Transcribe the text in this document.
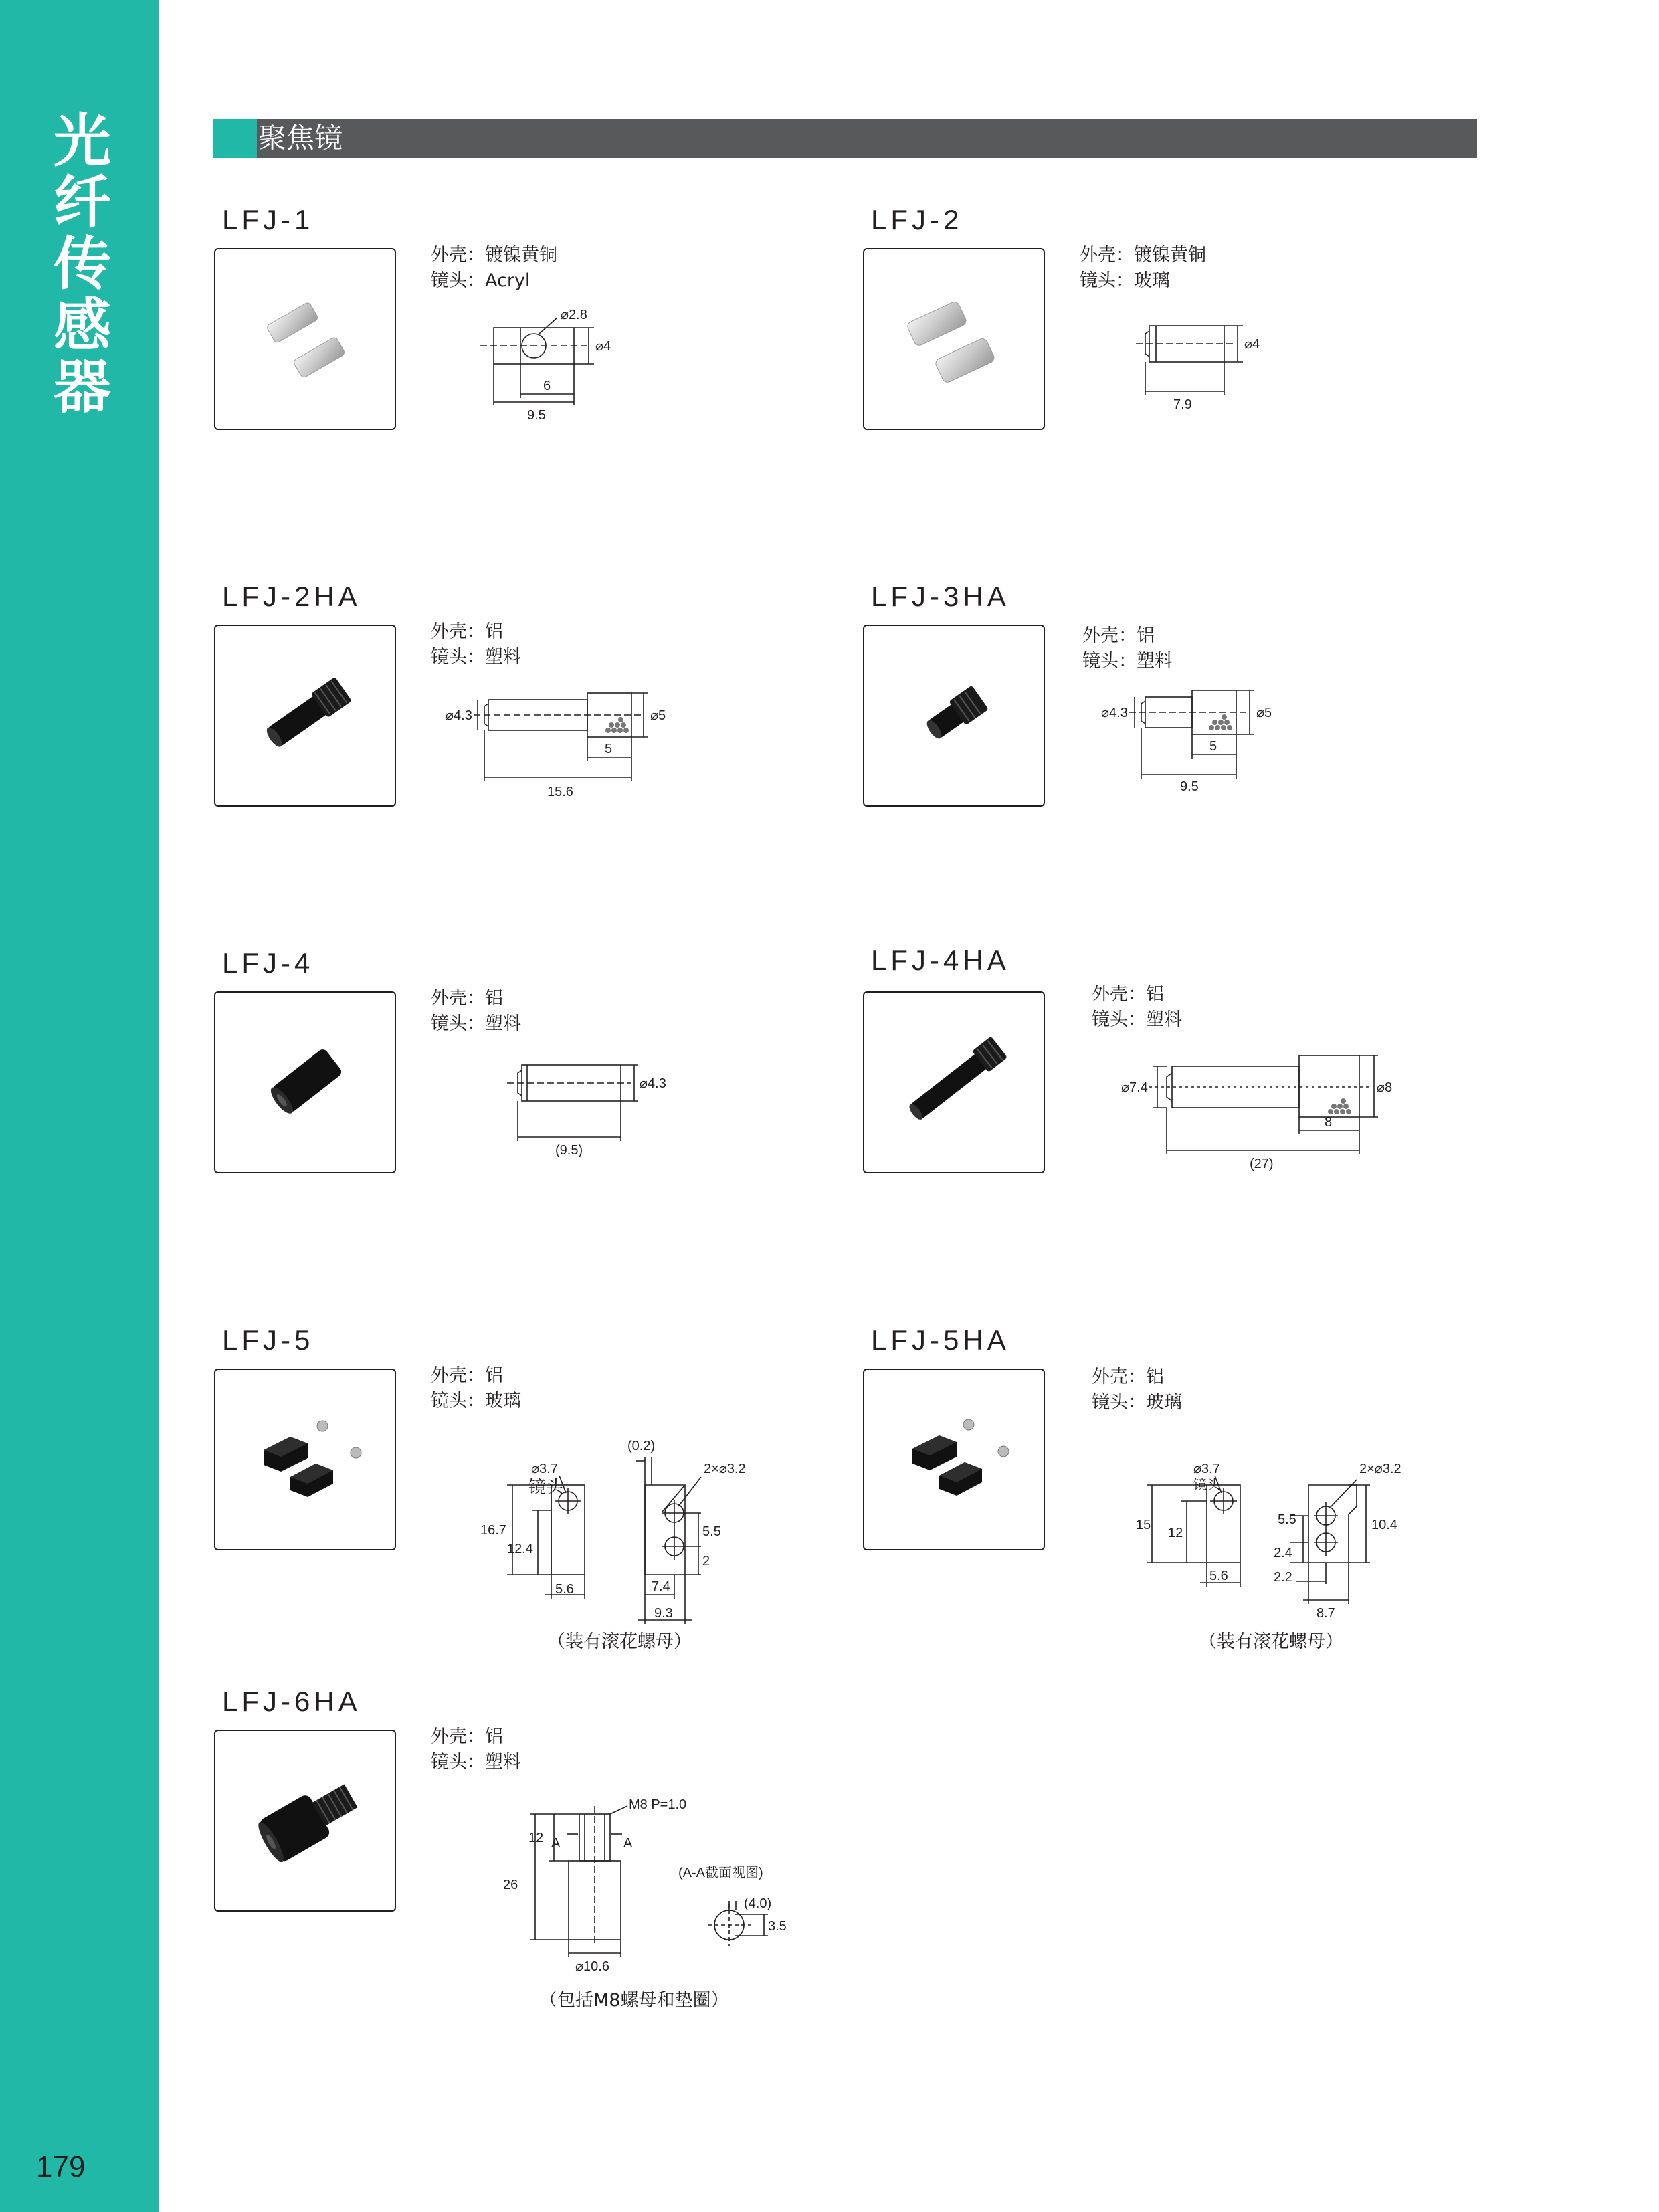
光
纤
传
感
器
179
聚焦镜
LFJ-1
外壳：镀镍黄铜
镜头：Acryl
⌀2.8
⌀4
6
9.5
LFJ-2
外壳：镀镍黄铜
镜头：玻璃
⌀4
7.9
LFJ-2HA
外壳：铝
镜头：塑料
⌀4.3	⌀5
5
15.6
LFJ-3HA
外壳：铝
镜头：塑料
⌀4.3	⌀5
5
9.5
LFJ-4
外壳：铝
镜头：塑料
⌀4.3
(9.5)
LFJ-4HA
外壳：铝
镜头：塑料
⌀7.4	⌀8
8
(27)
LFJ-5
外壳：铝
镜头：玻璃
⌀3.7
镜头
(0.2)
2×⌀3.2
16.7
12.4
5.5
2
5.6	7.4
9.3
（装有滚花螺母）
LFJ-5HA
外壳：铝
镜头：玻璃
⌀3.7
镜头
2×⌀3.2
15
12
5.5	10.4
2.4
5.6	2.2
8.7
（装有滚花螺母）
LFJ-6HA
外壳：铝
镜头：塑料
M8 P=1.0
12 A	A
26
⌀10.6
(A-A截面视图)
(4.0)
3.5
（包括M8螺母和垫圈）
